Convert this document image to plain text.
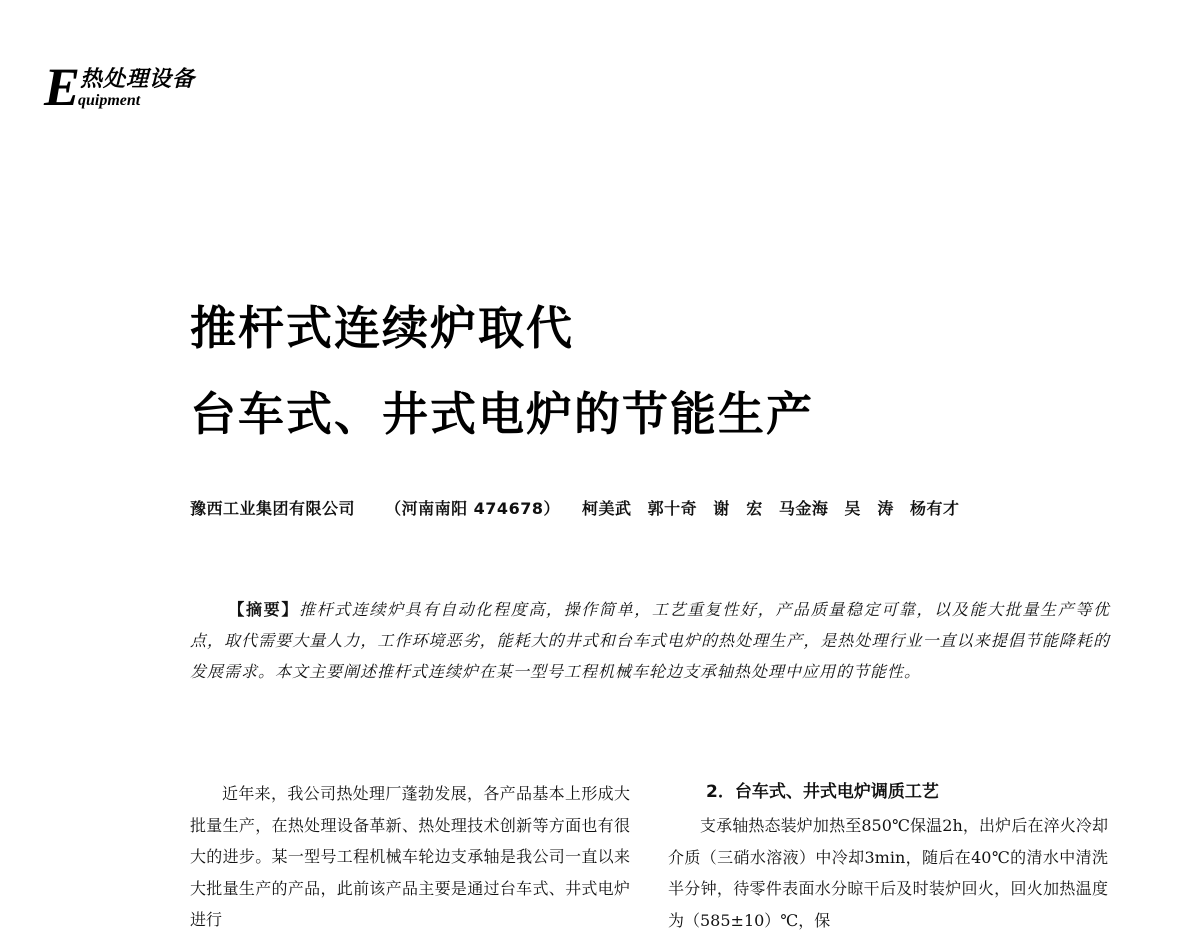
E 热处理设备
quipment
推杆式连续炉取代
台车式、井式电炉的节能生产
豫西工业集团有限公司 （河南南阳 474678） 柯美武 郭十奇 谢　宏 马金海 吴　涛 杨有才
【摘要】推杆式连续炉具有自动化程度高，操作简单，工艺重复性好，产品质量稳定可靠，以及能大批量生产等优点，取代需要大量人力，工作环境恶劣，能耗大的井式和台车式电炉的热处理生产，是热处理行业一直以来提倡节能降耗的发展需求。本文主要阐述推杆式连续炉在某一型号工程机械车轮边支承轴热处理中应用的节能性。

近年来，我公司热处理厂蓬勃发展，各产品基本上形成大批量生产，在热处理设备革新、热处理技术创新等方面也有很大的进步。某一型号工程机械车轮边支承轴是我公司一直以来大批量生产的产品，此前该产品主要是通过台车式、井式电炉进行

2．台车式、井式电炉调质工艺

支承轴热态装炉加热至850℃保温2h，出炉后在淬火冷却介质（三硝水溶液）中冷却3min，随后在40℃的清水中清洗半分钟，待零件表面水分晾干后及时装炉回火，回火加热温度为（585±10）℃，保
